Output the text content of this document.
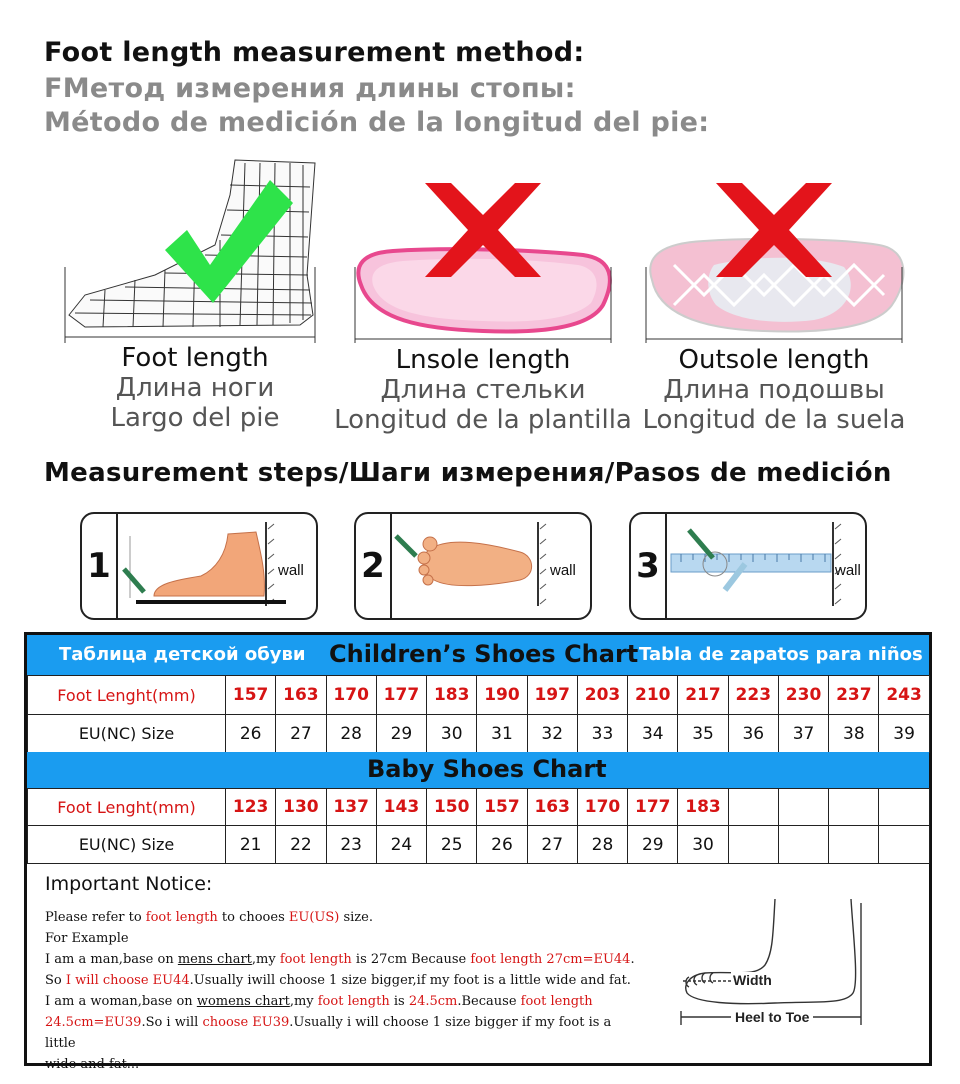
Foot length measurement method:
FМетод измерения длины стопы:
Método de medición de la longitud del pie:
Foot length
Длина ноги
Largo del pie
Lnsole length
Длина стельки
Longitud de la plantilla
Outsole length
Длина подошвы
Longitud de la suela
Measurement steps/Шаги измерения/Pasos de medición
1	wall 2	wall 3	wall
Таблица детской обуви Children’s Shoes Chart Tabla de zapatos para niños
Foot Lenght(mm)	157	163	170	177	183	190	197	203	210	217	223	230	237	243
EU(NC) Size	26	27	28	29	30	31	32	33	34	35	36	37	38	39
Baby Shoes Chart
Foot Lenght(mm)	123	130	137	143	150	157	163	170	177	183				
EU(NC) Size	21	22	23	24	25	26	27	28	29	30				
Important Notice:

Please refer to foot length to chooes EU(US) size.

For Example

I am a man,base on mens chart,my foot length is 27cm Because foot length 27cm=EU44.

So I will choose EU44.Usually iwill choose 1 size bigger,if my foot is a little wide and fat.

I am a woman,base on womens chart,my foot length is 24.5cm.Because foot length

24.5cm=EU39.So i will choose EU39.Usually i will choose 1 size bigger if my foot is a little

wide and fat...

Width
Heel to Toe
